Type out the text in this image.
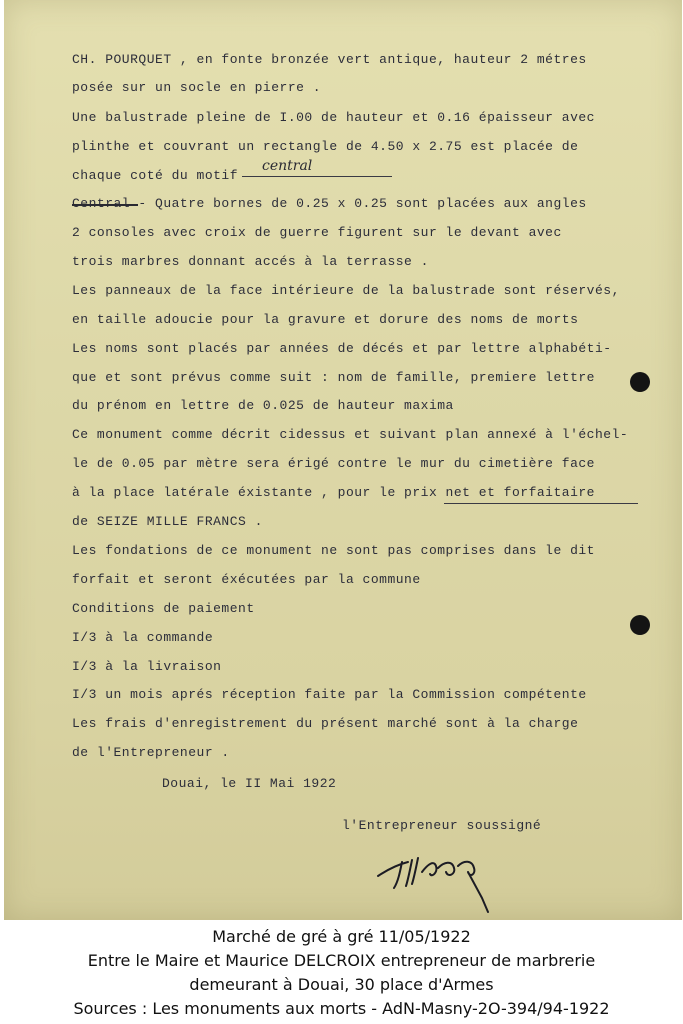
CH. POURQUET , en fonte bronzée vert antique, hauteur 2 métres
posée sur un socle en pierre .
Une balustrade pleine de I.00 de hauteur et 0.16 épaisseur avec
plinthe et couvrant un rectangle de 4.50 x 2.75 est placée de
chaque coté du motif
central
Central - Quatre bornes de 0.25 x 0.25 sont placées aux angles
2 consoles avec croix de guerre figurent sur le devant avec
trois marbres donnant accés à la terrasse .
Les panneaux de la face intérieure de la balustrade sont réservés,
en taille adoucie pour la gravure et dorure des noms de morts
Les noms sont placés par années de décés et par lettre alphabéti-
que et sont prévus comme suit : nom de famille, premiere lettre
du prénom en lettre de 0.025 de hauteur maxima
Ce monument comme décrit cidessus et suivant plan annexé à l'échel-
le de 0.05 par mètre sera érigé contre le mur du cimetière face
à la place latérale éxistante , pour le prix net et forfaitaire
de SEIZE MILLE FRANCS .
Les fondations de ce monument ne sont pas comprises dans le dit
forfait et seront éxécutées par la commune
Conditions de paiement
I/3 à la commande
I/3 à la livraison
I/3 un mois aprés réception faite par la Commission compétente
Les frais d'enregistrement du présent marché sont à la charge
de l'Entrepreneur .
Douai, le II Mai 1922
l'Entrepreneur soussigné
Marché de gré à gré 11/05/1922
Entre le Maire et Maurice DELCROIX entrepreneur de marbrerie
demeurant à Douai, 30 place d'Armes
Sources : Les monuments aux morts - AdN-Masny-2O-394/94-1922
